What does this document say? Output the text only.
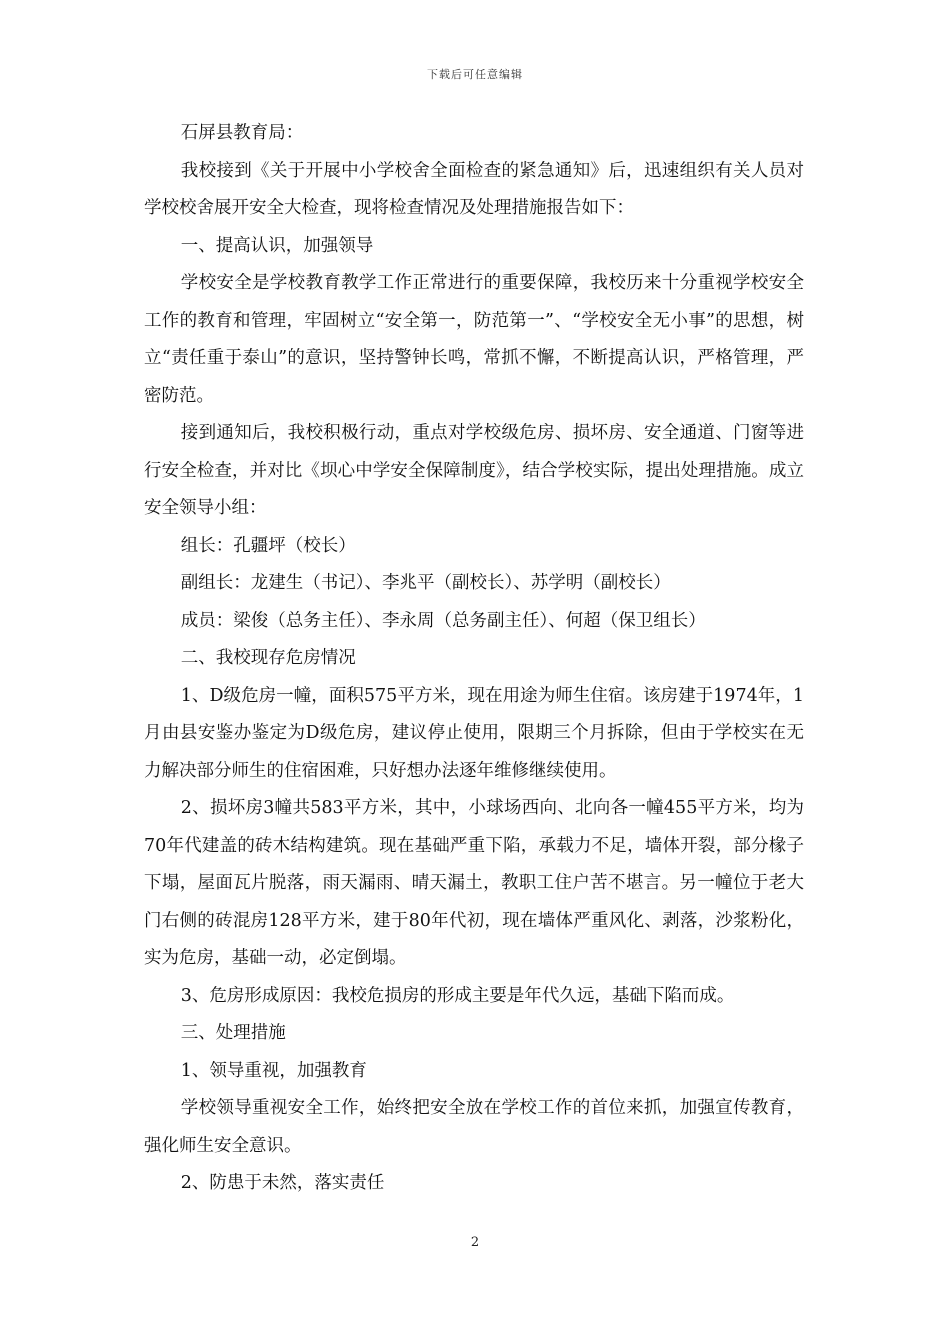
下载后可任意编辑

石屏县教育局：

我校接到《关于开展中小学校舍全面检查的紧急通知》后，迅速组织有关人员对学校校舍展开安全大检查，现将检查情况及处理措施报告如下：

一、提高认识，加强领导

学校安全是学校教育教学工作正常进行的重要保障，我校历来十分重视学校安全工作的教育和管理，牢固树立“安全第一，防范第一”、“学校安全无小事”的思想，树立“责任重于泰山”的意识，坚持警钟长鸣，常抓不懈，不断提高认识，严格管理，严密防范。

接到通知后，我校积极行动，重点对学校级危房、损坏房、安全通道、门窗等进行安全检查，并对比《坝心中学安全保障制度》，结合学校实际，提出处理措施。成立安全领导小组：

组长：孔疆坪（校长）

副组长：龙建生（书记）、李兆平（副校长）、苏学明（副校长）

成员：梁俊（总务主任）、李永周（总务副主任）、何超（保卫组长）

二、我校现存危房情况

1、D级危房一幢，面积575平方米，现在用途为师生住宿。该房建于1974年，1月由县安鉴办鉴定为D级危房，建议停止使用，限期三个月拆除，但由于学校实在无力解决部分师生的住宿困难，只好想办法逐年维修继续使用。

2、损坏房3幢共583平方米，其中，小球场西向、北向各一幢455平方米，均为70年代建盖的砖木结构建筑。现在基础严重下陷，承载力不足，墙体开裂，部分椽子下塌，屋面瓦片脱落，雨天漏雨、晴天漏土，教职工住户苦不堪言。另一幢位于老大门右侧的砖混房128平方米，建于80年代初，现在墙体严重风化、剥落，沙浆粉化，实为危房，基础一动，必定倒塌。

3、危房形成原因：我校危损房的形成主要是年代久远，基础下陷而成。

三、处理措施

1、领导重视，加强教育

学校领导重视安全工作，始终把安全放在学校工作的首位来抓，加强宣传教育，强化师生安全意识。

2、防患于未然，落实责任

2
